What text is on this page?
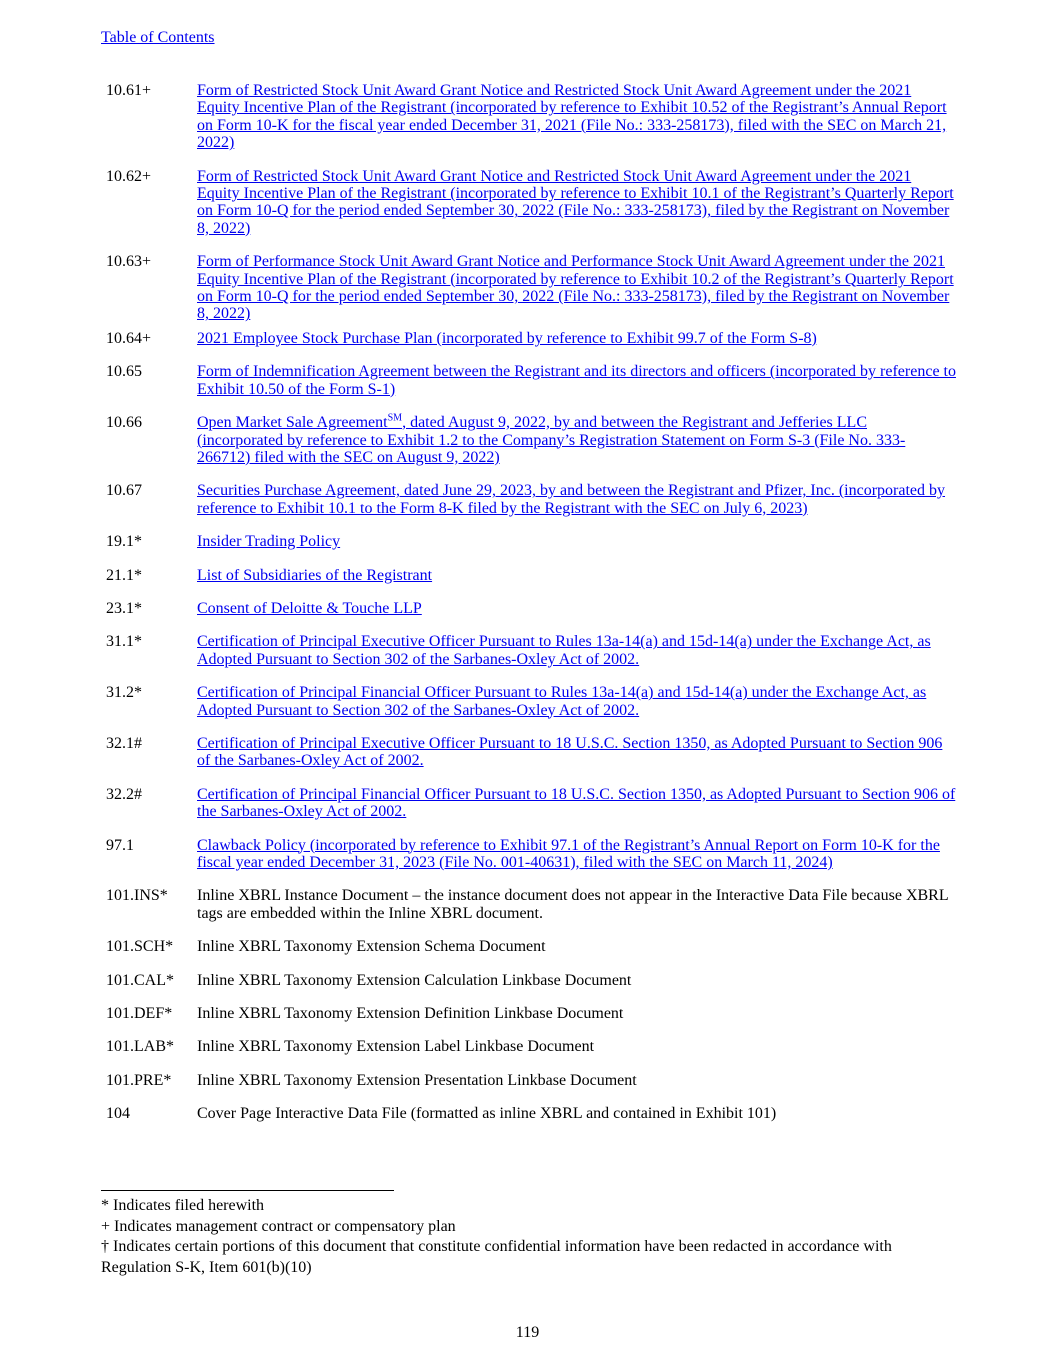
Table of Contents
10.61+	Form of Restricted Stock Unit Award Grant Notice and Restricted Stock Unit Award Agreement under the 2021 Equity Incentive Plan of the Registrant (incorporated by reference to Exhibit 10.52 of the Registrant’s Annual Report on Form 10-K for the fiscal year ended December 31, 2021 (File No.: 333-258173), filed with the SEC on March 21, 2022)
10.62+	Form of Restricted Stock Unit Award Grant Notice and Restricted Stock Unit Award Agreement under the 2021 Equity Incentive Plan of the Registrant (incorporated by reference to Exhibit 10.1 of the Registrant’s Quarterly Report on Form 10-Q for the period ended September 30, 2022 (File No.: 333-258173), filed by the Registrant on November 8, 2022)
10.63+	Form of Performance Stock Unit Award Grant Notice and Performance Stock Unit Award Agreement under the 2021 Equity Incentive Plan of the Registrant (incorporated by reference to Exhibit 10.2 of the Registrant’s Quarterly Report on Form 10-Q for the period ended September 30, 2022 (File No.: 333-258173), filed by the Registrant on November 8, 2022)
10.64+	2021 Employee Stock Purchase Plan (incorporated by reference to Exhibit 99.7 of the Form S-8)
10.65	Form of Indemnification Agreement between the Registrant and its directors and officers (incorporated by reference to Exhibit 10.50 of the Form S-1)
10.66	Open Market Sale Agreement℠, dated August 9, 2022, by and between the Registrant and Jefferies LLC (incorporated by reference to Exhibit 1.2 to the Company’s Registration Statement on Form S-3 (File No. 333-266712) filed with the SEC on August 9, 2022)
10.67	Securities Purchase Agreement, dated June 29, 2023, by and between the Registrant and Pfizer, Inc. (incorporated by reference to Exhibit 10.1 to the Form 8-K filed by the Registrant with the SEC on July 6, 2023)
19.1*	Insider Trading Policy
21.1*	List of Subsidiaries of the Registrant
23.1*	Consent of Deloitte & Touche LLP
31.1*	Certification of Principal Executive Officer Pursuant to Rules 13a-14(a) and 15d-14(a) under the Exchange Act, as Adopted Pursuant to Section 302 of the Sarbanes-Oxley Act of 2002.
31.2*	Certification of Principal Financial Officer Pursuant to Rules 13a-14(a) and 15d-14(a) under the Exchange Act, as Adopted Pursuant to Section 302 of the Sarbanes-Oxley Act of 2002.
32.1#	Certification of Principal Executive Officer Pursuant to 18 U.S.C. Section 1350, as Adopted Pursuant to Section 906 of the Sarbanes-Oxley Act of 2002.
32.2#	Certification of Principal Financial Officer Pursuant to 18 U.S.C. Section 1350, as Adopted Pursuant to Section 906 of the Sarbanes-Oxley Act of 2002.
97.1	Clawback Policy (incorporated by reference to Exhibit 97.1 of the Registrant’s Annual Report on Form 10-K for the fiscal year ended December 31, 2023 (File No. 001-40631), filed with the SEC on March 11, 2024)
101.INS*	Inline XBRL Instance Document – the instance document does not appear in the Interactive Data File because XBRL tags are embedded within the Inline XBRL document.
101.SCH*	Inline XBRL Taxonomy Extension Schema Document
101.CAL*	Inline XBRL Taxonomy Extension Calculation Linkbase Document
101.DEF*	Inline XBRL Taxonomy Extension Definition Linkbase Document
101.LAB*	Inline XBRL Taxonomy Extension Label Linkbase Document
101.PRE*	Inline XBRL Taxonomy Extension Presentation Linkbase Document
104	Cover Page Interactive Data File (formatted as inline XBRL and contained in Exhibit 101)
* Indicates filed herewith
+ Indicates management contract or compensatory plan
† Indicates certain portions of this document that constitute confidential information have been redacted in accordance with Regulation S-K, Item 601(b)(10)
119
